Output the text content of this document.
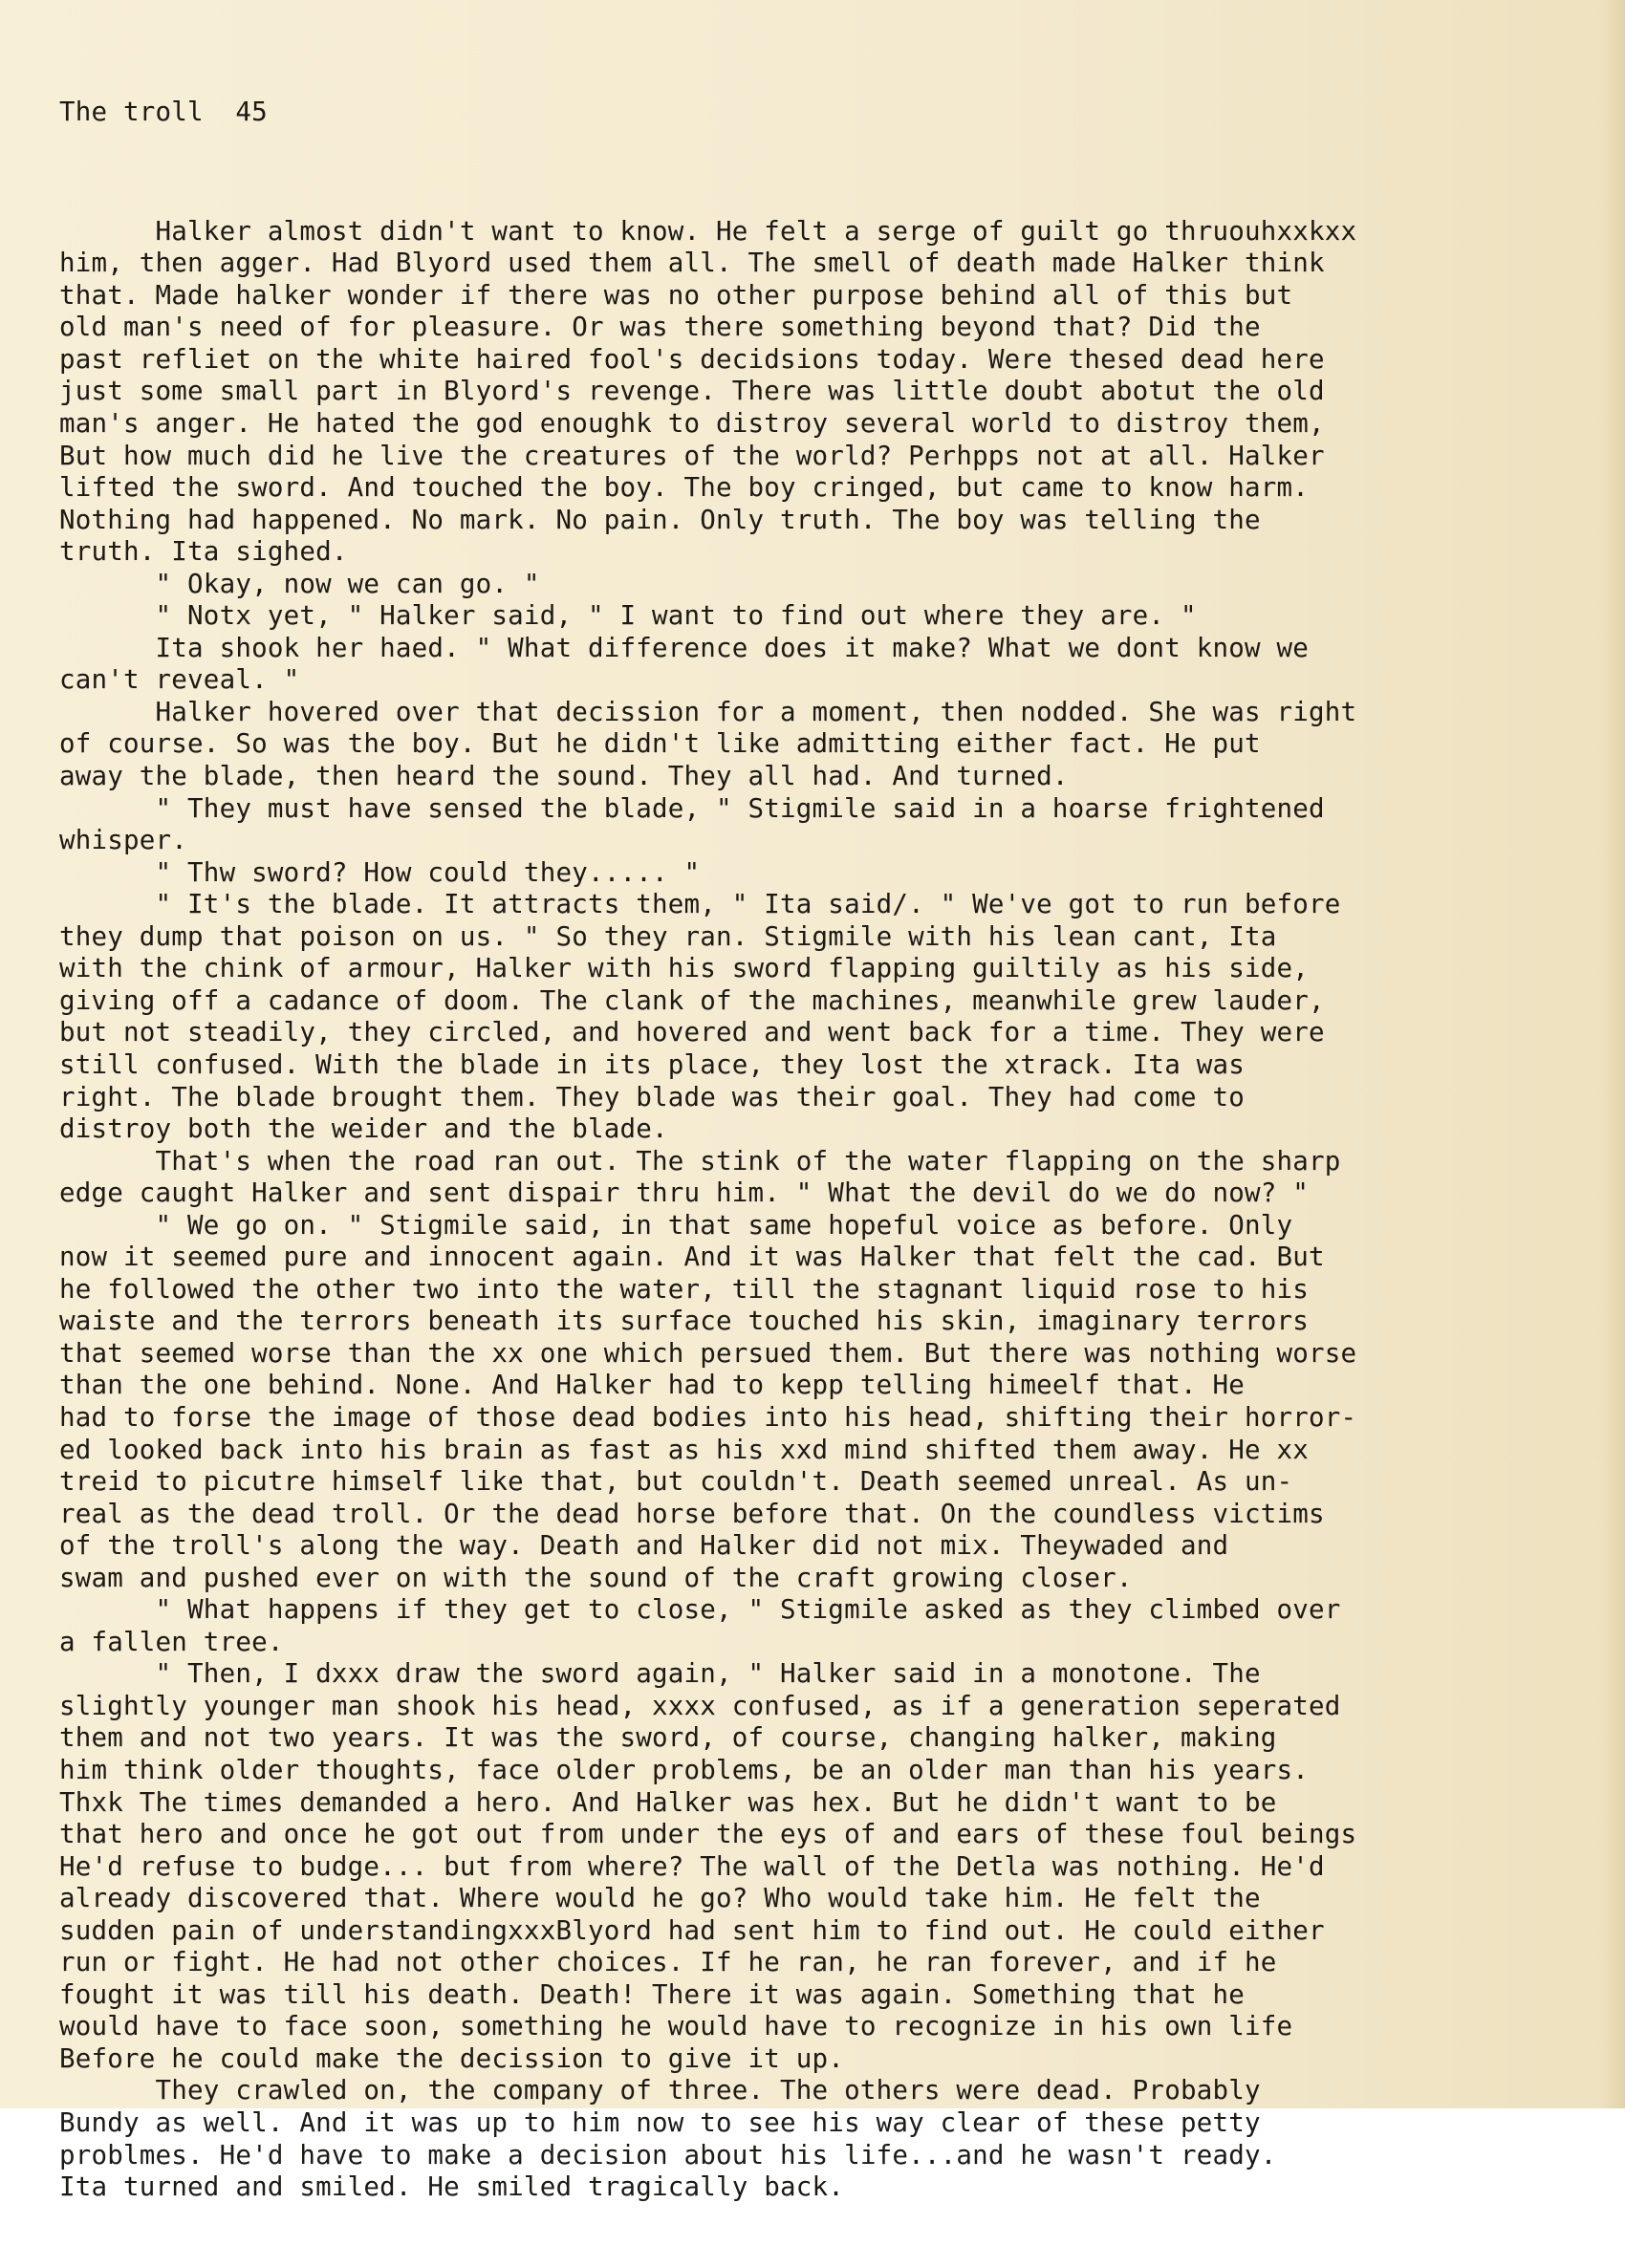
The troll 45

Halker almost didn't want to know. He felt a serge of guilt go thruouhxxkxx
him, then agger. Had Blyord used them all. The smell of death made Halker think
that. Made halker wonder if there was no other purpose behind all of this but
old man's need of for pleasure. Or was there something beyond that? Did the
past refliet on the white haired fool's decidsions today. Were thesed dead here
just some small part in Blyord's revenge. There was little doubt abotut the old
man's anger. He hated the god enoughk to distroy several world to distroy them,
But how much did he live the creatures of the world? Perhpps not at all. Halker
lifted the sword. And touched the boy. The boy cringed, but came to know harm.
Nothing had happened. No mark. No pain. Only truth. The boy was telling the
truth. Ita sighed.
" Okay, now we can go. "
" Notx yet, " Halker said, " I want to find out where they are. "
Ita shook her haed. " What difference does it make? What we dont know we
can't reveal. "
Halker hovered over that decission for a moment, then nodded. She was right
of course. So was the boy. But he didn't like admitting either fact. He put
away the blade, then heard the sound. They all had. And turned.
" They must have sensed the blade, " Stigmile said in a hoarse frightened
whisper.
" Thw sword? How could they..... "
" It's the blade. It attracts them, " Ita said/. " We've got to run before
they dump that poison on us. " So they ran. Stigmile with his lean cant, Ita
with the chink of armour, Halker with his sword flapping guiltily as his side,
giving off a cadance of doom. The clank of the machines, meanwhile grew lauder,
but not steadily, they circled, and hovered and went back for a time. They were
still confused. With the blade in its place, they lost the xtrack. Ita was
right. The blade brought them. They blade was their goal. They had come to
distroy both the weider and the blade.
That's when the road ran out. The stink of the water flapping on the sharp
edge caught Halker and sent dispair thru him. " What the devil do we do now? "
" We go on. " Stigmile said, in that same hopeful voice as before. Only
now it seemed pure and innocent again. And it was Halker that felt the cad. But
he followed the other two into the water, till the stagnant liquid rose to his
waiste and the terrors beneath its surface touched his skin, imaginary terrors
that seemed worse than the xx one which persued them. But there was nothing worse
than the one behind. None. And Halker had to kepp telling himeelf that. He
had to forse the image of those dead bodies into his head, shifting their horror-
ed looked back into his brain as fast as his xxd mind shifted them away. He xx
treid to picutre himself like that, but couldn't. Death seemed unreal. As un-
real as the dead troll. Or the dead horse before that. On the coundless victims
of the troll's along the way. Death and Halker did not mix. Theywaded and
swam and pushed ever on with the sound of the craft growing closer.
" What happens if they get to close, " Stigmile asked as they climbed over
a fallen tree.
" Then, I dxxx draw the sword again, " Halker said in a monotone. The
slightly younger man shook his head, xxxx confused, as if a generation seperated
them and not two years. It was the sword, of course, changing halker, making
him think older thoughts, face older problems, be an older man than his years.
Thxk The times demanded a hero. And Halker was hex. But he didn't want to be
that hero and once he got out from under the eys of and ears of these foul beings
He'd refuse to budge... but from where? The wall of the Detla was nothing. He'd
already discovered that. Where would he go? Who would take him. He felt the
sudden pain of understandingxxxBlyord had sent him to find out. He could either
run or fight. He had not other choices. If he ran, he ran forever, and if he
fought it was till his death. Death! There it was again. Something that he
would have to face soon, something he would have to recognize in his own life
Before he could make the decission to give it up.
They crawled on, the company of three. The others were dead. Probably
Bundy as well. And it was up to him now to see his way clear of these petty
problmes. He'd have to make a decision about his life...and he wasn't ready.
Ita turned and smiled. He smiled tragically back.
